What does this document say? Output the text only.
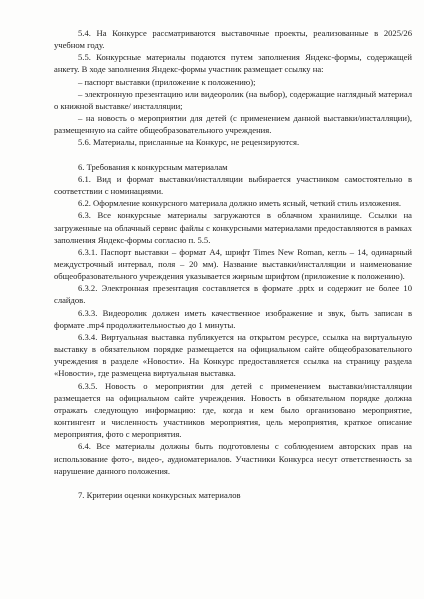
5.4. На Конкурсе рассматриваются выставочные проекты, реализованные в 2025/26 учебном году.

5.5. Конкурсные материалы подаются путем заполнения Яндекс-формы, содержащей анкету. В ходе заполнения Яндекс-формы участник размещает ссылку на:

– паспорт выставки (приложение к положению);

– электронную презентацию или видеоролик (на выбор), содержащие наглядный материал о книжной выставке/ инсталляции;

– на новость о мероприятии для детей (с применением данной выставки/инсталляции), размещенную на сайте общеобразовательного учреждения.

5.6. Материалы, присланные на Конкурс, не рецензируются.

6. Требования к конкурсным материалам

6.1. Вид и формат выставки/инсталляции выбирается участником самостоятельно в соответствии с номинациями.

6.2. Оформление конкурсного материала должно иметь ясный, четкий стиль изложения.

6.3. Все конкурсные материалы загружаются в облачном хранилище. Ссылки на загруженные на облачный сервис файлы с конкурсными материалами предоставляются в рамках заполнения Яндекс-формы согласно п. 5.5.

6.3.1. Паспорт выставки – формат А4, шрифт Times New Roman, кегль – 14, одинарный междустрочный интервал, поля – 20 мм). Название выставки/инсталляции и наименование общеобразовательного учреждения указывается жирным шрифтом (приложение к положению).

6.3.2. Электронная презентация составляется в формате .pptx и содержит не более 10 слайдов.

6.3.3. Видеоролик должен иметь качественное изображение и звук, быть записан в формате .mp4 продолжительностью до 1 минуты.

6.3.4. Виртуальная выставка публикуется на открытом ресурсе, ссылка на виртуальную выставку в обязательном порядке размещается на официальном сайте общеобразовательного учреждения в разделе «Новости». На Конкурс предоставляется ссылка на страницу раздела «Новости», где размещена виртуальная выставка.

6.3.5. Новость о мероприятии для детей с применением выставки/инсталляции размещается на официальном сайте учреждения. Новость в обязательном порядке должна отражать следующую информацию: где, когда и кем было организовано мероприятие, контингент и численность участников мероприятия, цель мероприятия, краткое описание мероприятия, фото с мероприятия.

6.4. Все материалы должны быть подготовлены с соблюдением авторских прав на использование фото-, видео-, аудиоматериалов. Участники Конкурса несут ответственность за нарушение данного положения.

7. Критерии оценки конкурсных материалов
